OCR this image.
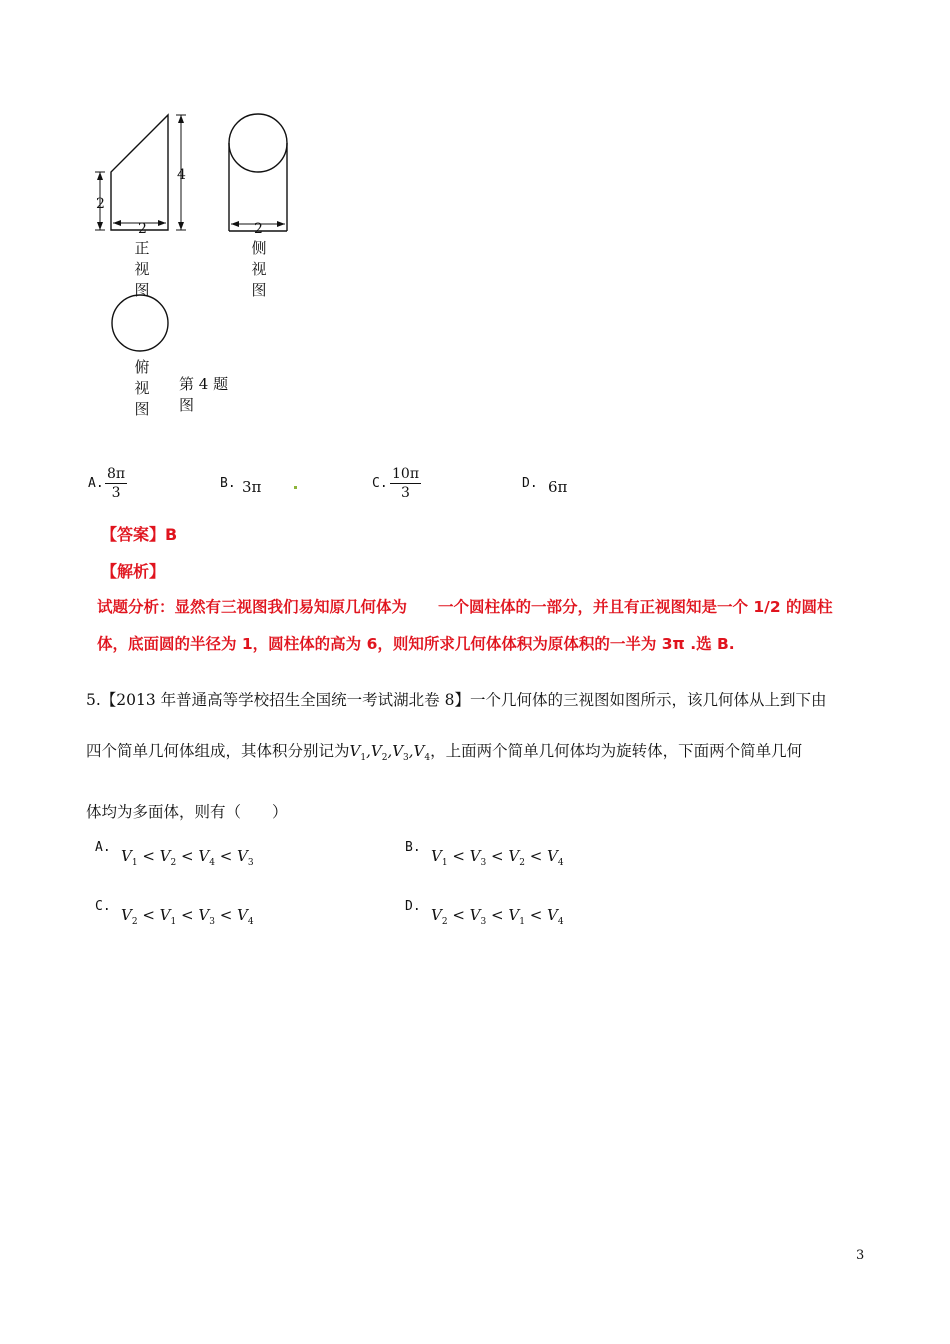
2
4
2	2
正
视
图
侧
视
图
俯
视
图
第 4 题
图
A. $\frac{8\pi}{3}$	B. 3π	C. $\frac{10\pi}{3}$	D. 6π
【答案】B
【解析】
试题分析：显然有三视图我们易知原几何体为　　一个圆柱体的一部分，并且有正视图知是一个 1/2 的圆柱
体，底面圆的半径为 1，圆柱体的高为 6，则知所求几何体体积为原体积的一半为 3π .选 B.
5.【2013 年普通高等学校招生全国统一考试湖北卷 8】一个几何体的三视图如图所示，该几何体从上到下由
四个简单几何体组成，其体积分别记为$V_1,V_2,V_3,V_4$，上面两个简单几何体均为旋转体，下面两个简单几何
体均为多面体，则有（　　）
A. $V_1 < V_2 < V_4 < V_3$
B. $V_1 < V_3 < V_2 < V_4$
C. $V_2 < V_1 < V_3 < V_4$
D. $V_2 < V_3 < V_1 < V_4$
3
